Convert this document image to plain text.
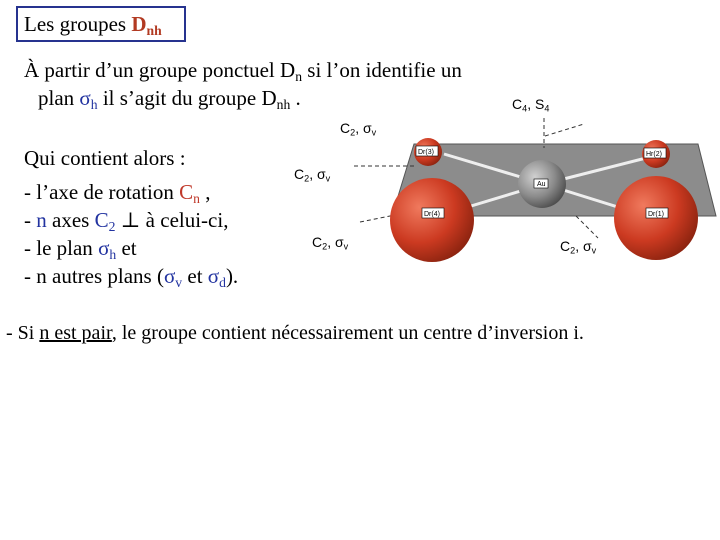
Les groupes $D_{nh}$
À partir d’un groupe ponctuel $D_n$ si l’on identifie un
plan $\sigma_h$ il s’agit du groupe $D_{nh}$ .
Qui contient alors :
- l’axe de rotation $C_n$ ,
- n axes $C_2$ ⊥ à celui-ci,
- le plan $\sigma_h$ et
- n autres plans ($\sigma_v$ et $\sigma_d$).
$C_4$, $S_4$
$C_2$, $\sigma_v$
$C_2$, $\sigma_v$
$C_2$, $\sigma_v$	$C_2$, $\sigma_v$
Dr(3)	Hr(2)
Au
Dr(4)	Dr(1)
- Si n est pair, le groupe contient nécessairement un centre d’inversion i.
